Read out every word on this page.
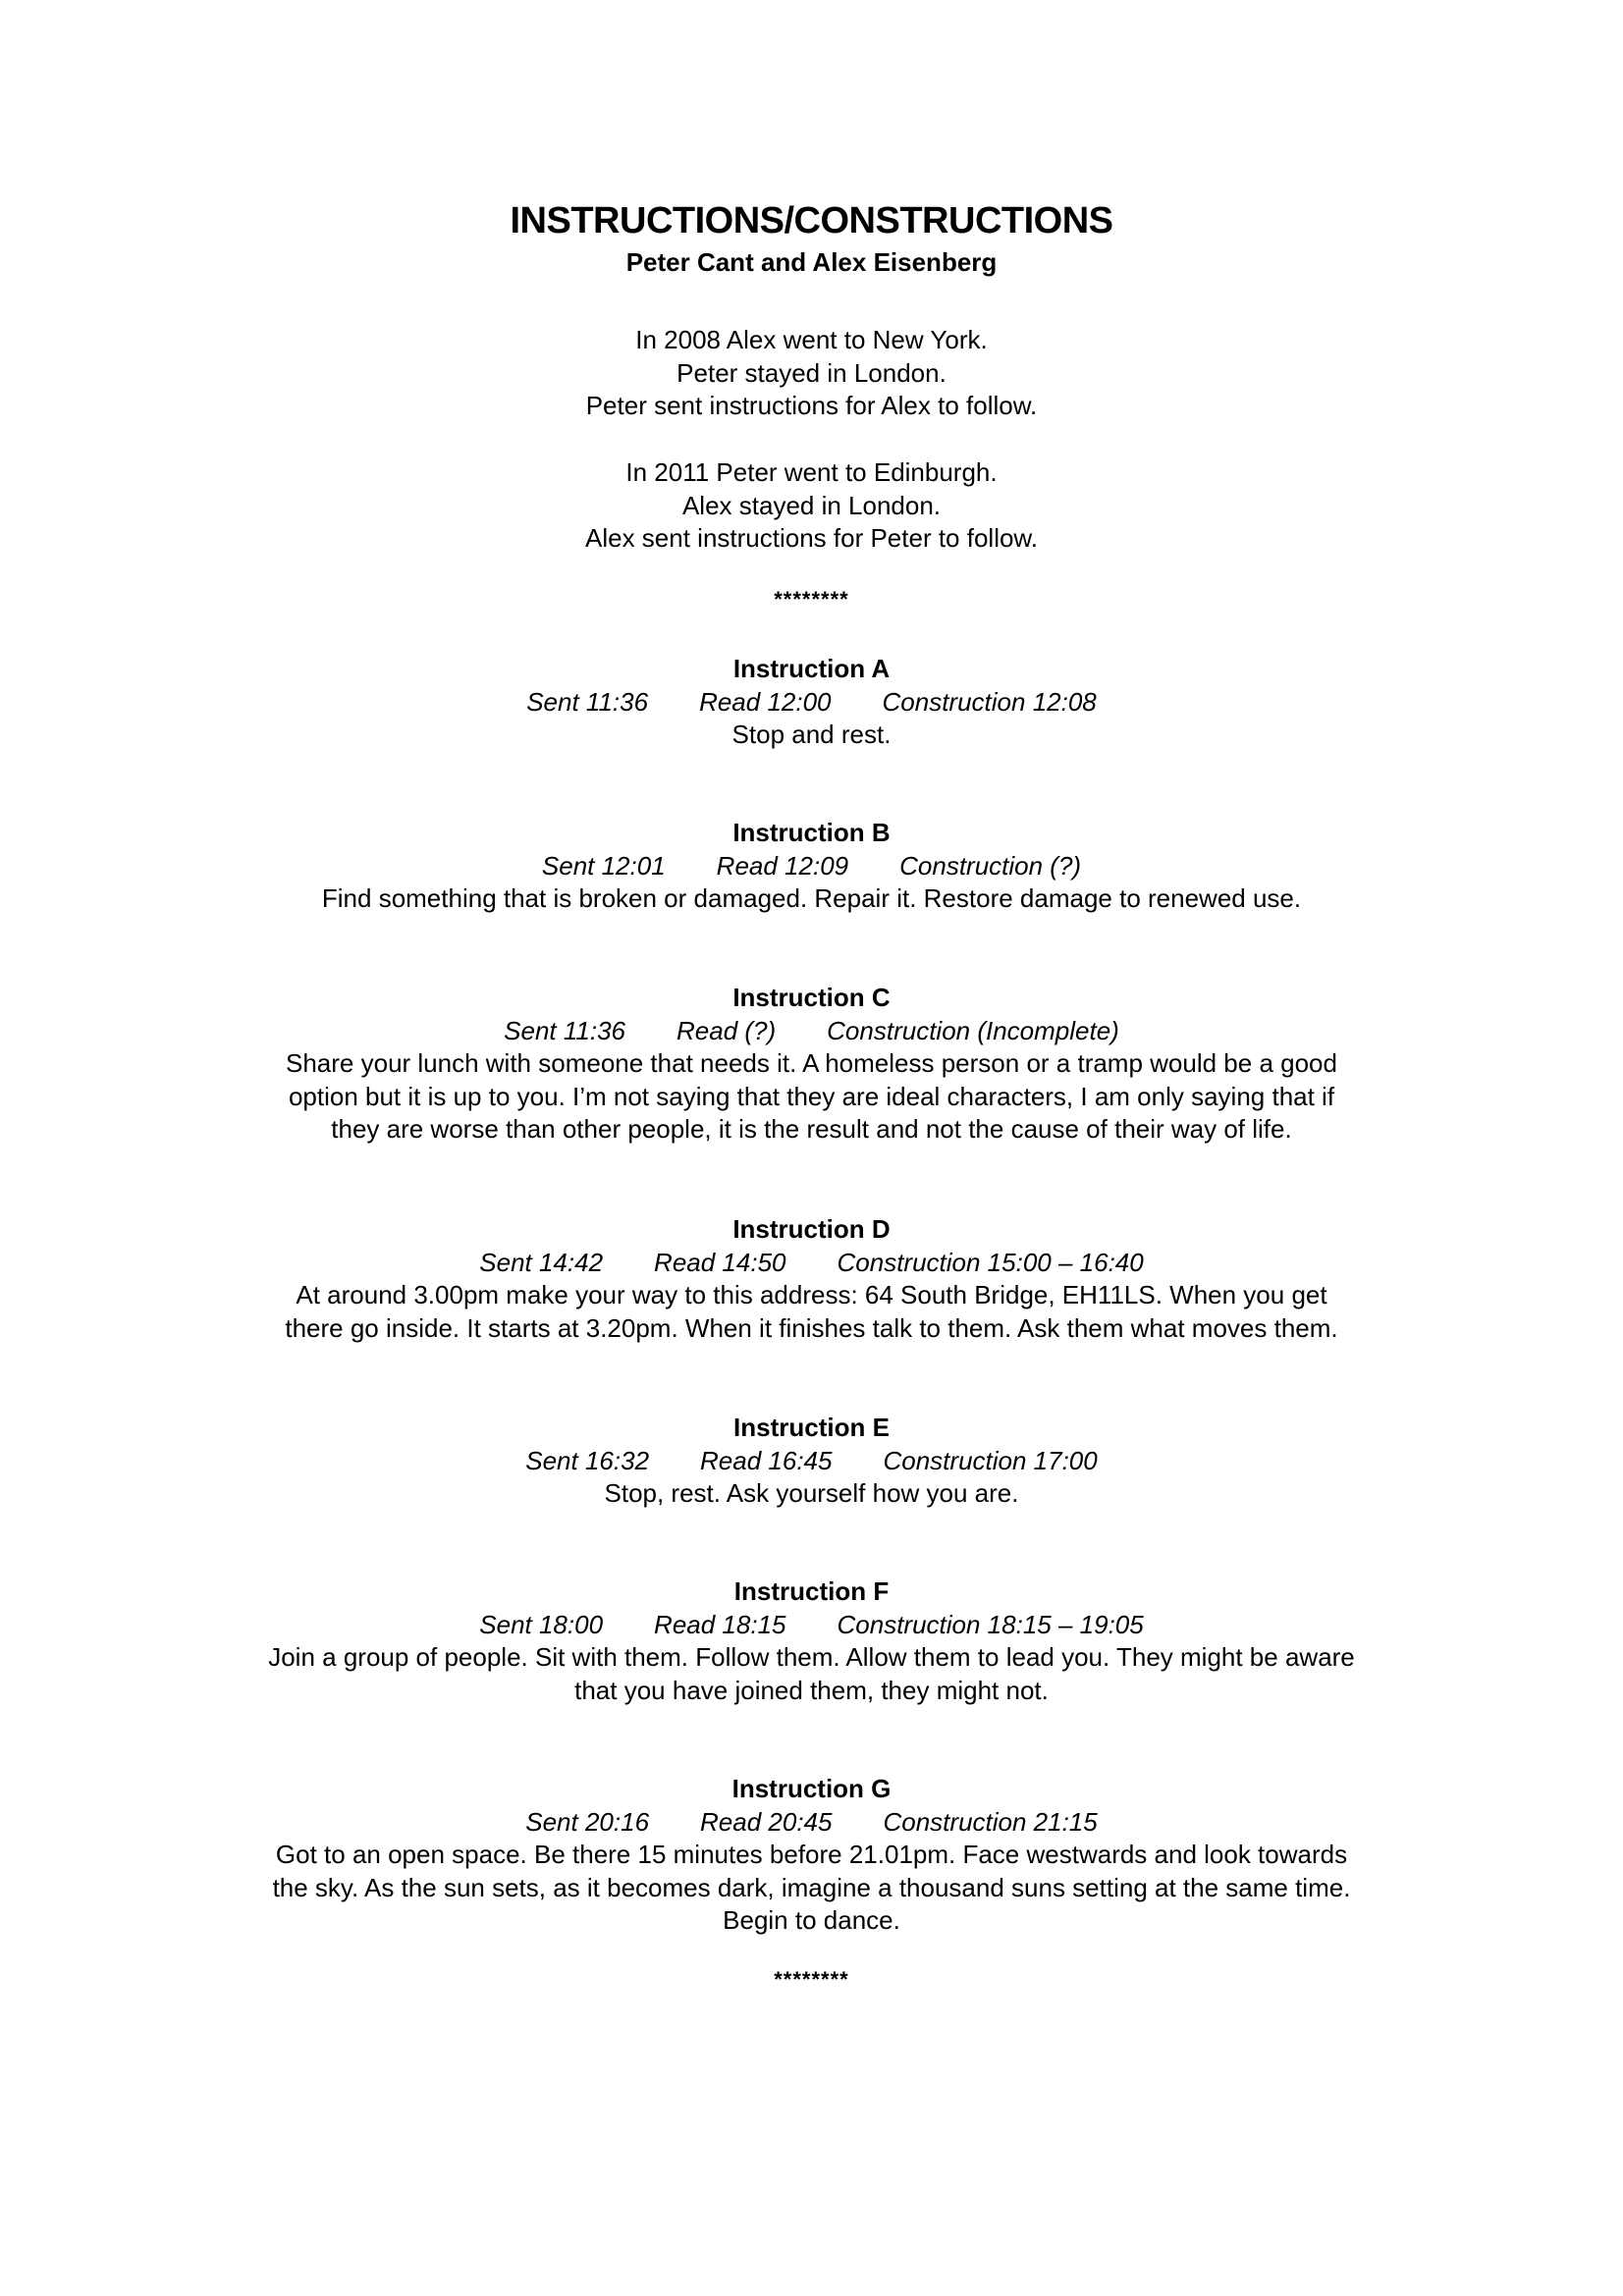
INSTRUCTIONS/CONSTRUCTIONS
Peter Cant and Alex Eisenberg
In 2008 Alex went to New York.
Peter stayed in London.
Peter sent instructions for Alex to follow.
In 2011 Peter went to Edinburgh.
Alex stayed in London.
Alex sent instructions for Peter to follow.
********
Instruction A
Sent 11:36 Read 12:00 Construction 12:08
Stop and rest.
Instruction B
Sent 12:01 Read 12:09 Construction (?)
Find something that is broken or damaged. Repair it. Restore damage to renewed use.
Instruction C
Sent 11:36 Read (?) Construction (Incomplete)
Share your lunch with someone that needs it. A homeless person or a tramp would be a good
option but it is up to you. I’m not saying that they are ideal characters, I am only saying that if
they are worse than other people, it is the result and not the cause of their way of life.
Instruction D
Sent 14:42 Read 14:50 Construction 15:00 – 16:40
At around 3.00pm make your way to this address: 64 South Bridge, EH11LS. When you get
there go inside. It starts at 3.20pm. When it finishes talk to them. Ask them what moves them.
Instruction E
Sent 16:32 Read 16:45 Construction 17:00
Stop, rest. Ask yourself how you are.
Instruction F
Sent 18:00 Read 18:15 Construction 18:15 – 19:05
Join a group of people. Sit with them. Follow them. Allow them to lead you. They might be aware
that you have joined them, they might not.
Instruction G
Sent 20:16 Read 20:45 Construction 21:15
Got to an open space. Be there 15 minutes before 21.01pm. Face westwards and look towards
the sky. As the sun sets, as it becomes dark, imagine a thousand suns setting at the same time.
Begin to dance.
********
